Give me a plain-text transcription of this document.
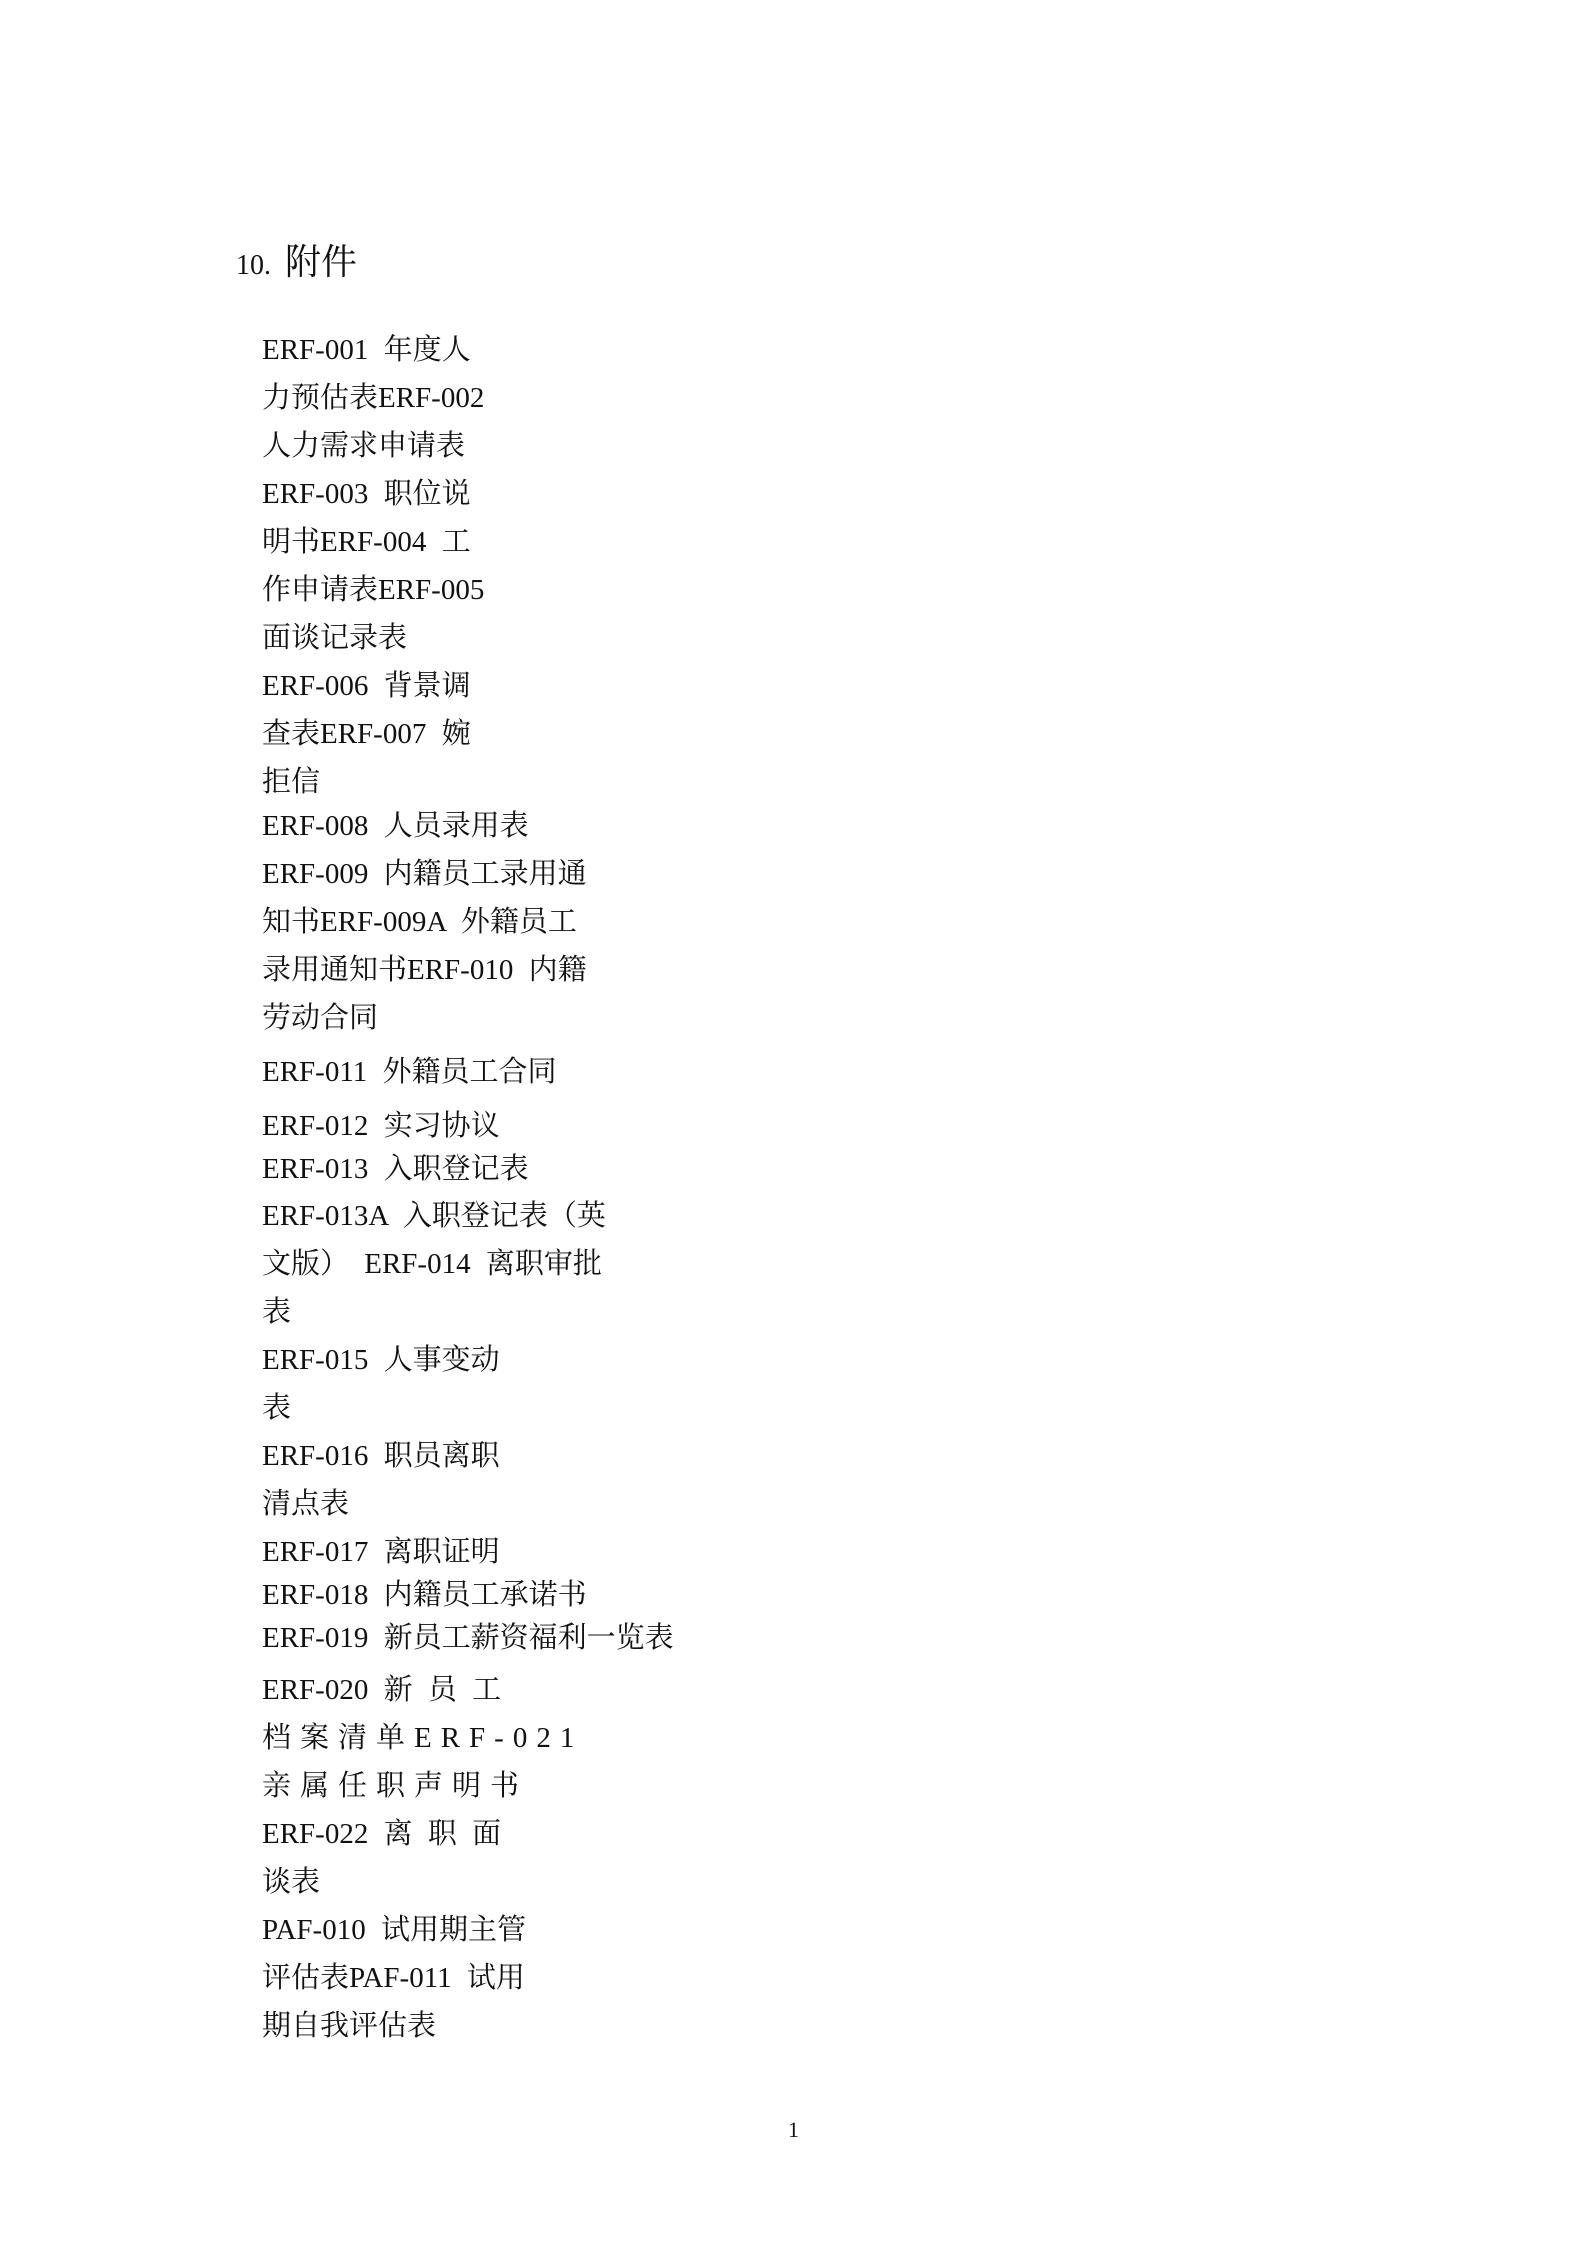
10. 附件
ERF-001 年度人
力预估表ERF-002
人力需求申请表
ERF-003 职位说
明书ERF-004 工
作申请表ERF-005
面谈记录表
ERF-006 背景调
查表ERF-007 婉
拒信
ERF-008 人员录用表
ERF-009 内籍员工录用通
知书ERF-009A 外籍员工
录用通知书ERF-010 内籍
劳动合同
ERF-011 外籍员工合同
ERF-012 实习协议
ERF-013 入职登记表
ERF-013A 入职登记表（英
文版） ERF-014 离职审批
表
ERF-015 人事变动
表
ERF-016 职员离职
清点表
ERF-017 离职证明
ERF-018 内籍员工承诺书
ERF-019 新员工薪资福利一览表
ERF-020 新 员 工
档案清单ERF-021
亲属任职声明书
ERF-022 离 职 面
谈表
PAF-010 试用期主管
评估表PAF-011 试用
期自我评估表
1
